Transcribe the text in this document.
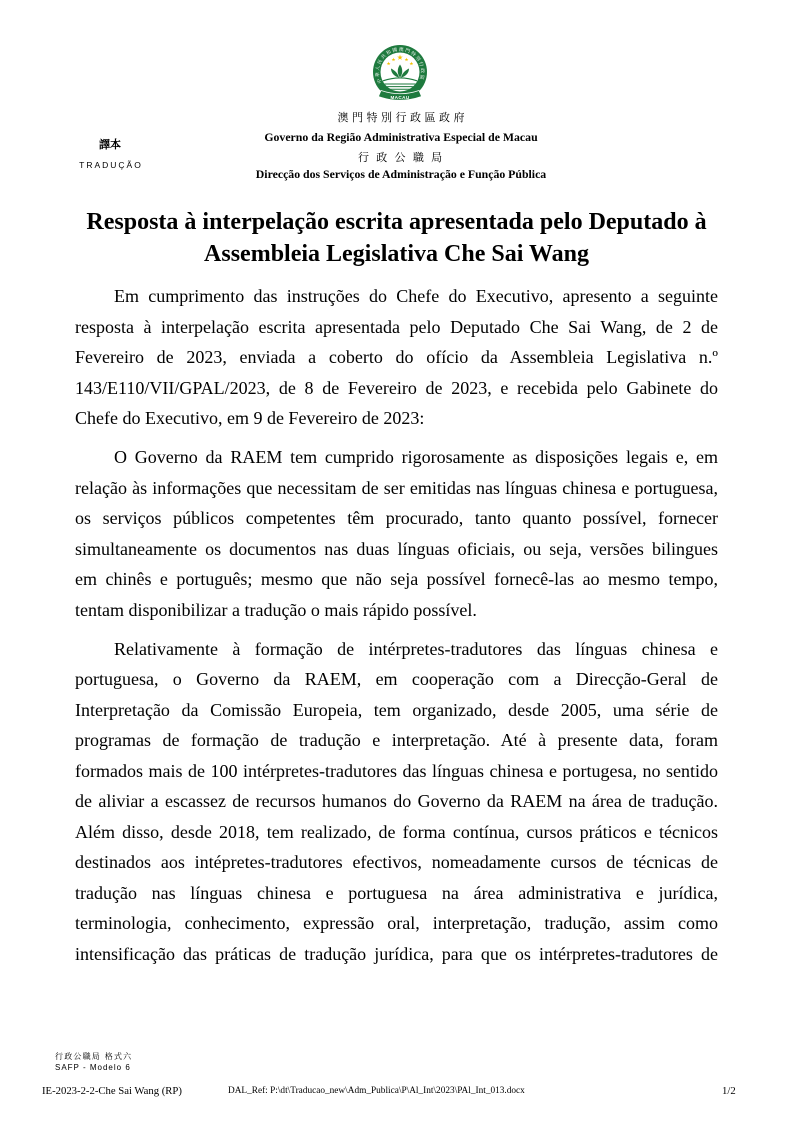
中華人民共和國澳門特別行政區
MACAU
澳 門 特 別 行 政 區 政 府
Governo da Região Administrativa Especial de Macau
行 政 公 職 局
Direcção dos Serviços de Administração e Função Pública
譯本
TRADUÇÃO
Resposta à interpelação escrita apresentada pelo Deputado à
Assembleia Legislativa Che Sai Wang
Em cumprimento das instruções do Chefe do Executivo, apresento a seguinte
resposta à interpelação escrita apresentada pelo Deputado Che Sai Wang, de 2 de
Fevereiro de 2023, enviada a coberto do ofício da Assembleia Legislativa n.º
143/E110/VII/GPAL/2023, de 8 de Fevereiro de 2023, e recebida pelo Gabinete do
Chefe do Executivo, em 9 de Fevereiro de 2023:
O Governo da RAEM tem cumprido rigorosamente as disposições legais e, em
relação às informações que necessitam de ser emitidas nas línguas chinesa e portuguesa,
os serviços públicos competentes têm procurado, tanto quanto possível, fornecer
simultaneamente os documentos nas duas línguas oficiais, ou seja, versões bilingues
em chinês e português; mesmo que não seja possível fornecê-las ao mesmo tempo,
tentam disponibilizar a tradução o mais rápido possível.
Relativamente à formação de intérpretes-tradutores das línguas chinesa e
portuguesa, o Governo da RAEM, em cooperação com a Direcção-Geral de
Interpretação da Comissão Europeia, tem organizado, desde 2005, uma série de
programas de formação de tradução e interpretação. Até à presente data, foram
formados mais de 100 intérpretes-tradutores das línguas chinesa e portugesa, no sentido
de aliviar a escassez de recursos humanos do Governo da RAEM na área de tradução.
Além disso, desde 2018, tem realizado, de forma contínua, cursos práticos e técnicos
destinados aos intépretes-tradutores efectivos, nomeadamente cursos de técnicas de
tradução nas línguas chinesa e portuguesa na área administrativa e jurídica,
terminologia, conhecimento, expressão oral, interpretação, tradução, assim como
intensificação das práticas de tradução jurídica, para que os intérpretes-tradutores de
行政公職局 格式六
SAFP - Modelo 6
IE-2023-2-2-Che Sai Wang (RP)	DAL_Ref: P:\dt\Traducao_new\Adm_Publica\P\Al_Int\2023\PAl_Int_013.docx	1/2
